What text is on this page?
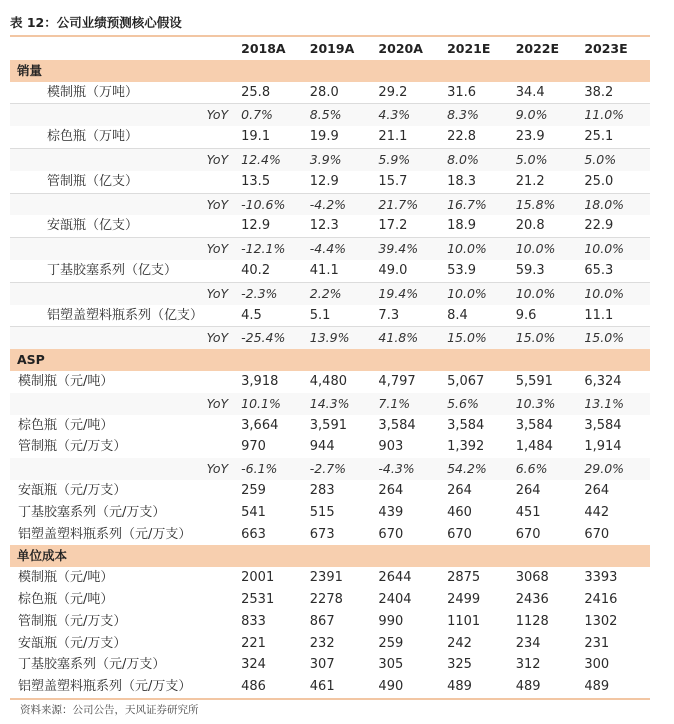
表 12：公司业绩预测核心假设
	2018A	2019A	2020A	2021E	2022E	2023E
销量						
模制瓶（万吨）	25.8	28.0	29.2	31.6	34.4	38.2
YoY	0.7%	8.5%	4.3%	8.3%	9.0%	11.0%
棕色瓶（万吨）	19.1	19.9	21.1	22.8	23.9	25.1
YoY	12.4%	3.9%	5.9%	8.0%	5.0%	5.0%
管制瓶（亿支）	13.5	12.9	15.7	18.3	21.2	25.0
YoY	-10.6%	-4.2%	21.7%	16.7%	15.8%	18.0%
安瓿瓶（亿支）	12.9	12.3	17.2	18.9	20.8	22.9
YoY	-12.1%	-4.4%	39.4%	10.0%	10.0%	10.0%
丁基胶塞系列（亿支）	40.2	41.1	49.0	53.9	59.3	65.3
YoY	-2.3%	2.2%	19.4%	10.0%	10.0%	10.0%
铝塑盖塑料瓶系列（亿支）	4.5	5.1	7.3	8.4	9.6	11.1
YoY	-25.4%	13.9%	41.8%	15.0%	15.0%	15.0%
ASP						
模制瓶（元/吨）	3,918	4,480	4,797	5,067	5,591	6,324
YoY	10.1%	14.3%	7.1%	5.6%	10.3%	13.1%
棕色瓶（元/吨）	3,664	3,591	3,584	3,584	3,584	3,584
管制瓶（元/万支）	970	944	903	1,392	1,484	1,914
YoY	-6.1%	-2.7%	-4.3%	54.2%	6.6%	29.0%
安瓿瓶（元/万支）	259	283	264	264	264	264
丁基胶塞系列（元/万支）	541	515	439	460	451	442
铝塑盖塑料瓶系列（元/万支）	663	673	670	670	670	670
单位成本						
模制瓶（元/吨）	2001	2391	2644	2875	3068	3393
棕色瓶（元/吨）	2531	2278	2404	2499	2436	2416
管制瓶（元/万支）	833	867	990	1101	1128	1302
安瓿瓶（元/万支）	221	232	259	242	234	231
丁基胶塞系列（元/万支）	324	307	305	325	312	300
铝塑盖塑料瓶系列（元/万支）	486	461	490	489	489	489
资料来源：公司公告，天风证券研究所
